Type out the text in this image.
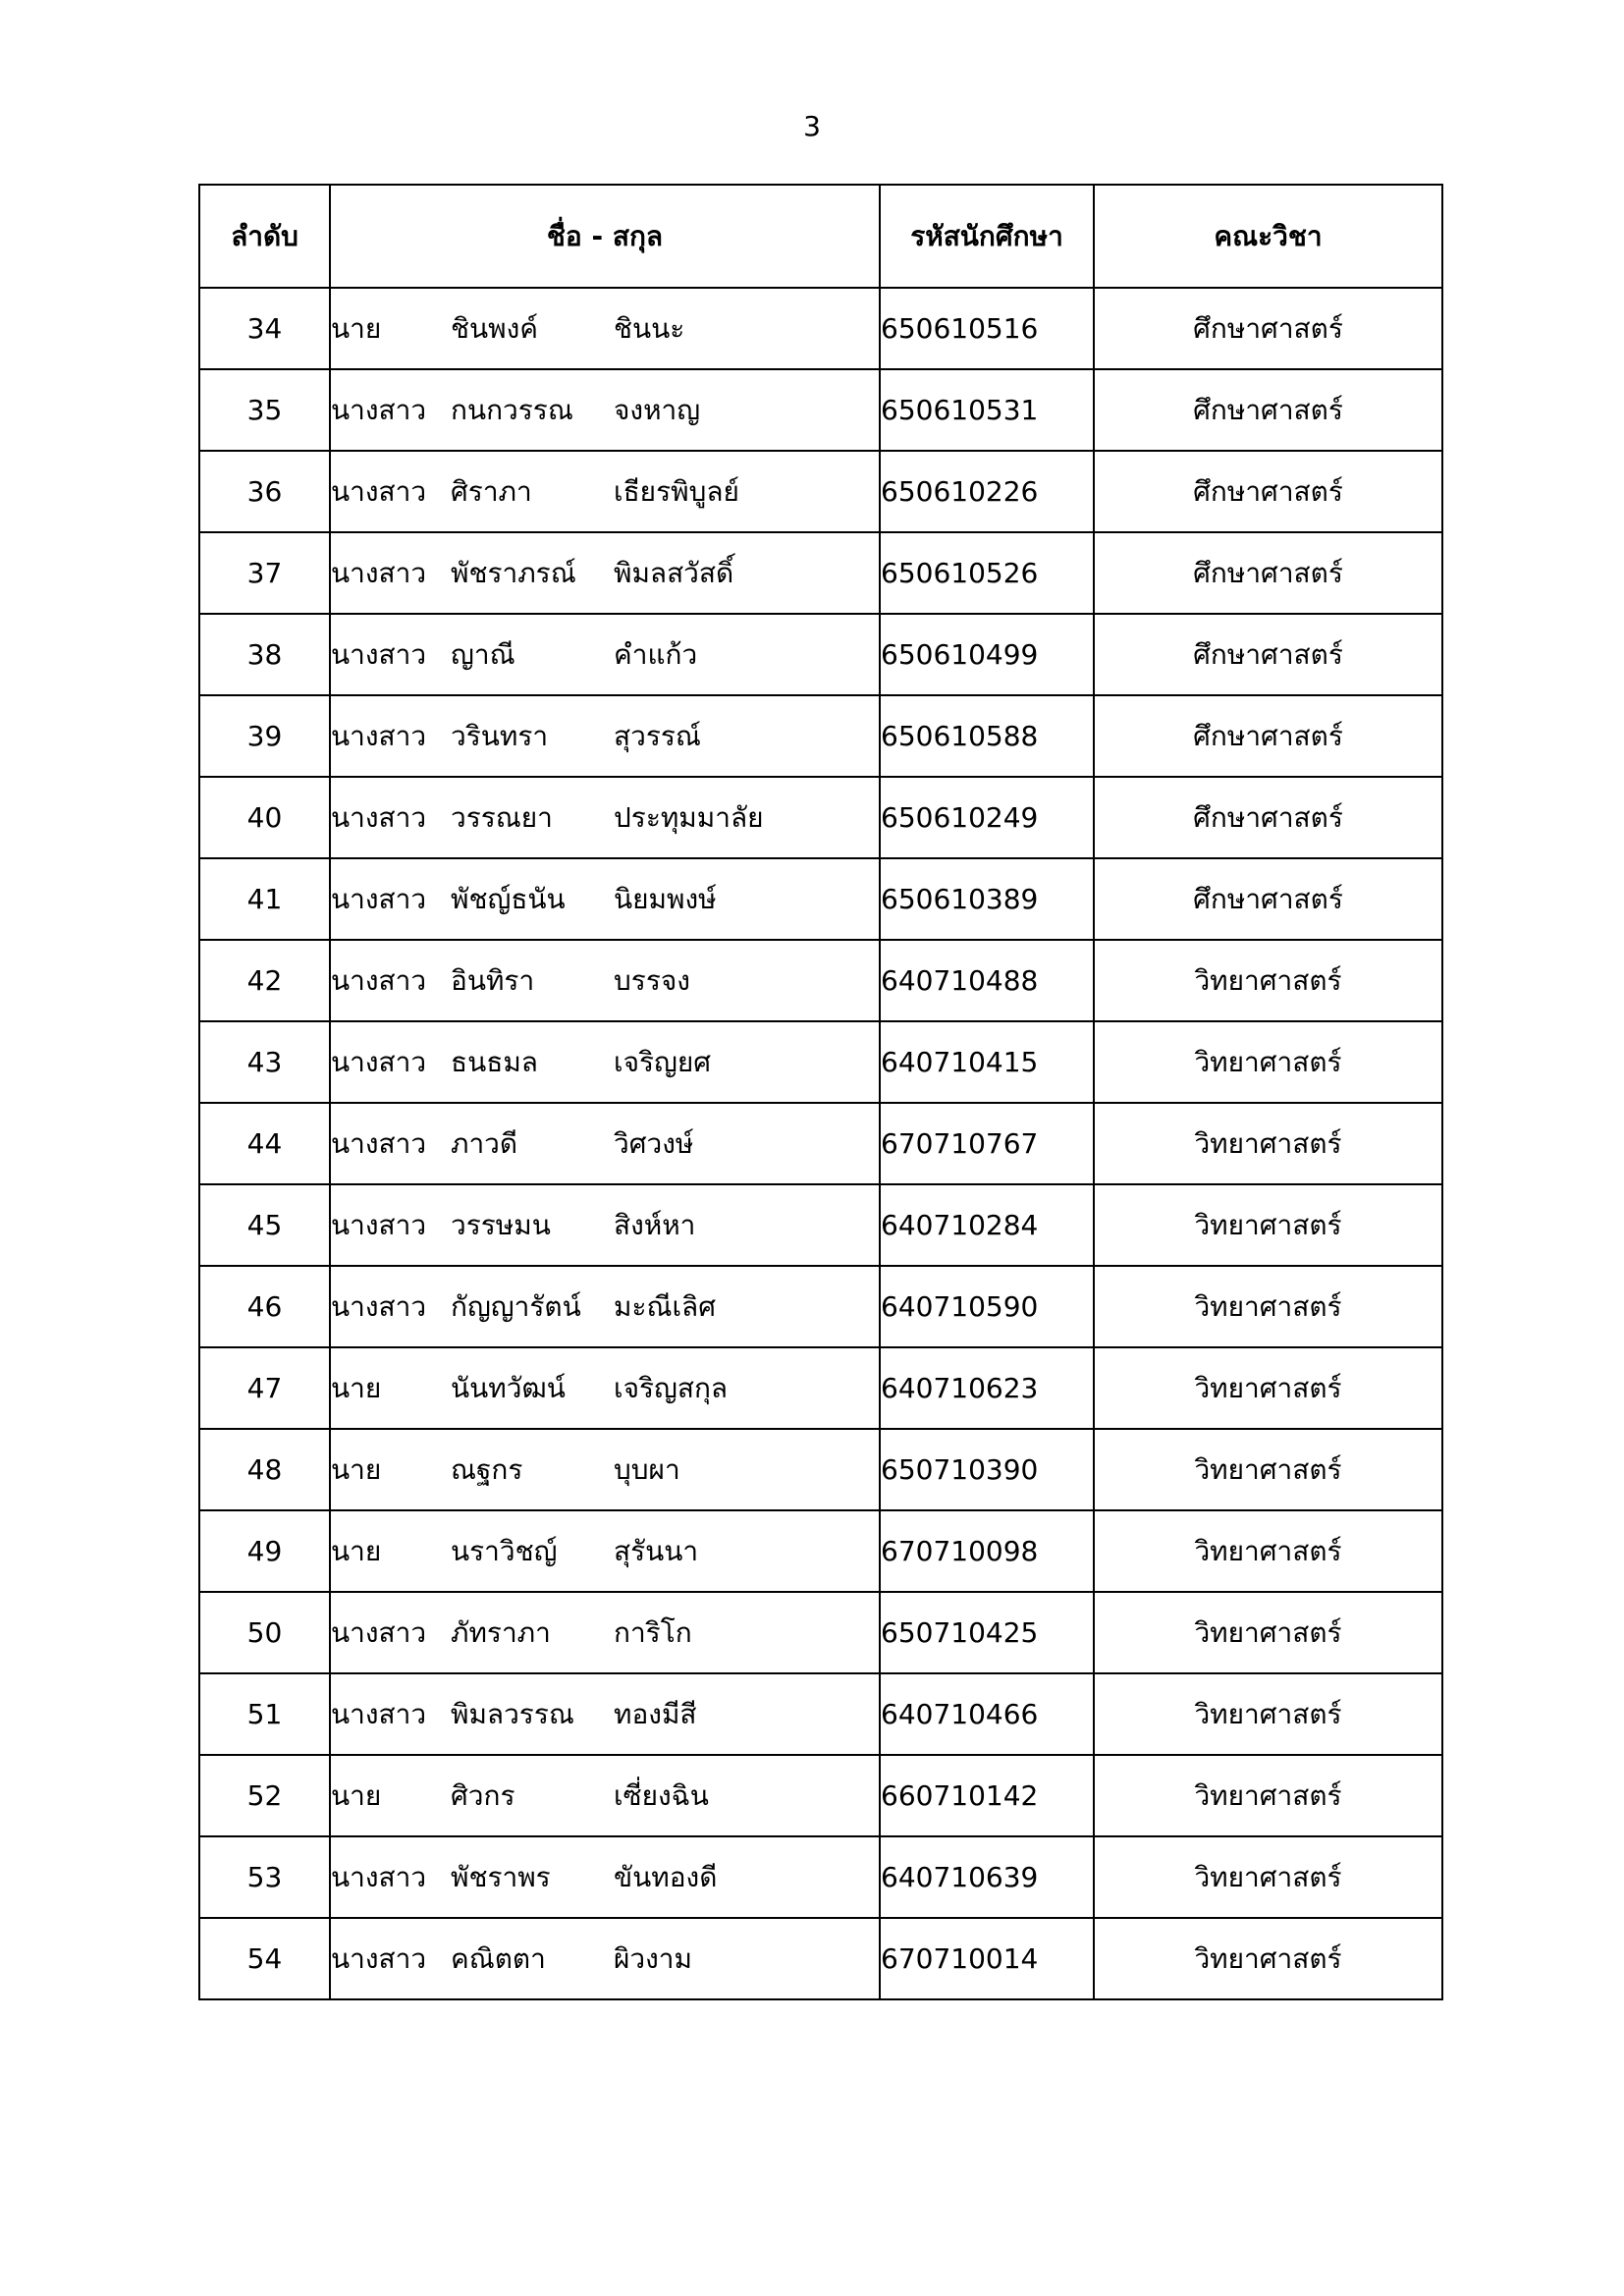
3
ลำดับ	ชื่อ - สกุล	รหัสนักศึกษา	คณะวิชา
34	นาย ชินพงค์ ชินนะ	650610516	ศึกษาศาสตร์
35	นางสาว กนกวรรณ จงหาญ	650610531	ศึกษาศาสตร์
36	นางสาว ศิราภา เธียรพิบูลย์	650610226	ศึกษาศาสตร์
37	นางสาว พัชราภรณ์ พิมลสวัสดิ์	650610526	ศึกษาศาสตร์
38	นางสาว ญาณี คำแก้ว	650610499	ศึกษาศาสตร์
39	นางสาว วรินทรา สุวรรณ์	650610588	ศึกษาศาสตร์
40	นางสาว วรรณยา ประทุมมาลัย	650610249	ศึกษาศาสตร์
41	นางสาว พัชญ์ธนัน นิยมพงษ์	650610389	ศึกษาศาสตร์
42	นางสาว อินทิรา บรรจง	640710488	วิทยาศาสตร์
43	นางสาว ธนธมล เจริญยศ	640710415	วิทยาศาสตร์
44	นางสาว ภาวดี วิศวงษ์	670710767	วิทยาศาสตร์
45	นางสาว วรรษมน สิงห์หา	640710284	วิทยาศาสตร์
46	นางสาว กัญญารัตน์ มะณีเลิศ	640710590	วิทยาศาสตร์
47	นาย นันทวัฒน์ เจริญสกุล	640710623	วิทยาศาสตร์
48	นาย ณฐกร บุบผา	650710390	วิทยาศาสตร์
49	นาย นราวิชญ์ สุรันนา	670710098	วิทยาศาสตร์
50	นางสาว ภัทราภา การิโก	650710425	วิทยาศาสตร์
51	นางสาว พิมลวรรณ ทองมีสี	640710466	วิทยาศาสตร์
52	นาย ศิวกร เซี่ยงฉิน	660710142	วิทยาศาสตร์
53	นางสาว พัชราพร ขันทองดี	640710639	วิทยาศาสตร์
54	นางสาว คณิตตา ผิวงาม	670710014	วิทยาศาสตร์
